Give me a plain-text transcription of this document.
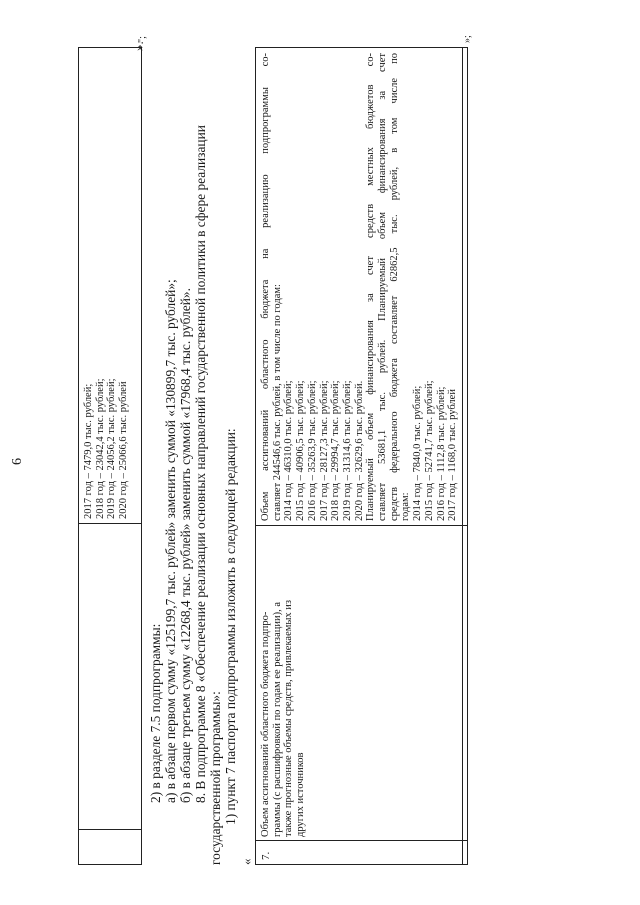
6	2017 год – 7479,0 тыс. рублей; 2018 год – 23042,4 тыс. рублей; 2019 год – 24056,2 тыс. рублей; 2020 год – 25066,6 тыс. рублей
».
";
2) в разделе 7.5 подпрограммы: а) в абзаце первом сумму «125199,7 тыс. рублей» заменить суммой «130899,7 тыс. рублей»; б) в абзаце третьем сумму «12268,4 тыс. рублей» заменить суммой «17968,4 тыс. рублей». 8. В подпрограмме 8 «Обеспечение реализации основных направлений государственной политики в сфере реализации государственной программы»: 1) пункт 7 паспорта подпрограммы изложить в следующей редакции:
«
7.
Объем ассигнований областного бюджета подпро- граммы (с расшифровкой по годам ее реализации), а также прогнозные объемы средств, привлекаемых из других источников
Объем ассигнований областного бюджета на реализацию подпрограммы со- ставляет 244546,6 тыс. рублей, в том числе по годам: 2014 год – 46310,0 тыс. рублей; 2015 год – 40906,5 тыс. рублей; 2016 год – 35263,9 тыс. рублей; 2017 год – 28127,3 тыс. рублей; 2018 год – 29994,7 тыс. рублей; 2019 год – 31314,6 тыс. рублей; 2020 год – 32629,6 тыс. рублей. Планируемый объем финансирования за счет средств местных бюджетов со- ставляет 53681,1 тыс. рублей. Планируемый объем финансирования за счет средств федерального бюджета составляет 62862,5 тыс. рублей, в том числе по годам: 2014 год – 7840,0 тыс. рублей; 2015 год – 52741,7 тыс. рублей; 2016 год – 1112,8 тыс. рублей; 2017 год – 1168,0 тыс. рублей
»;
